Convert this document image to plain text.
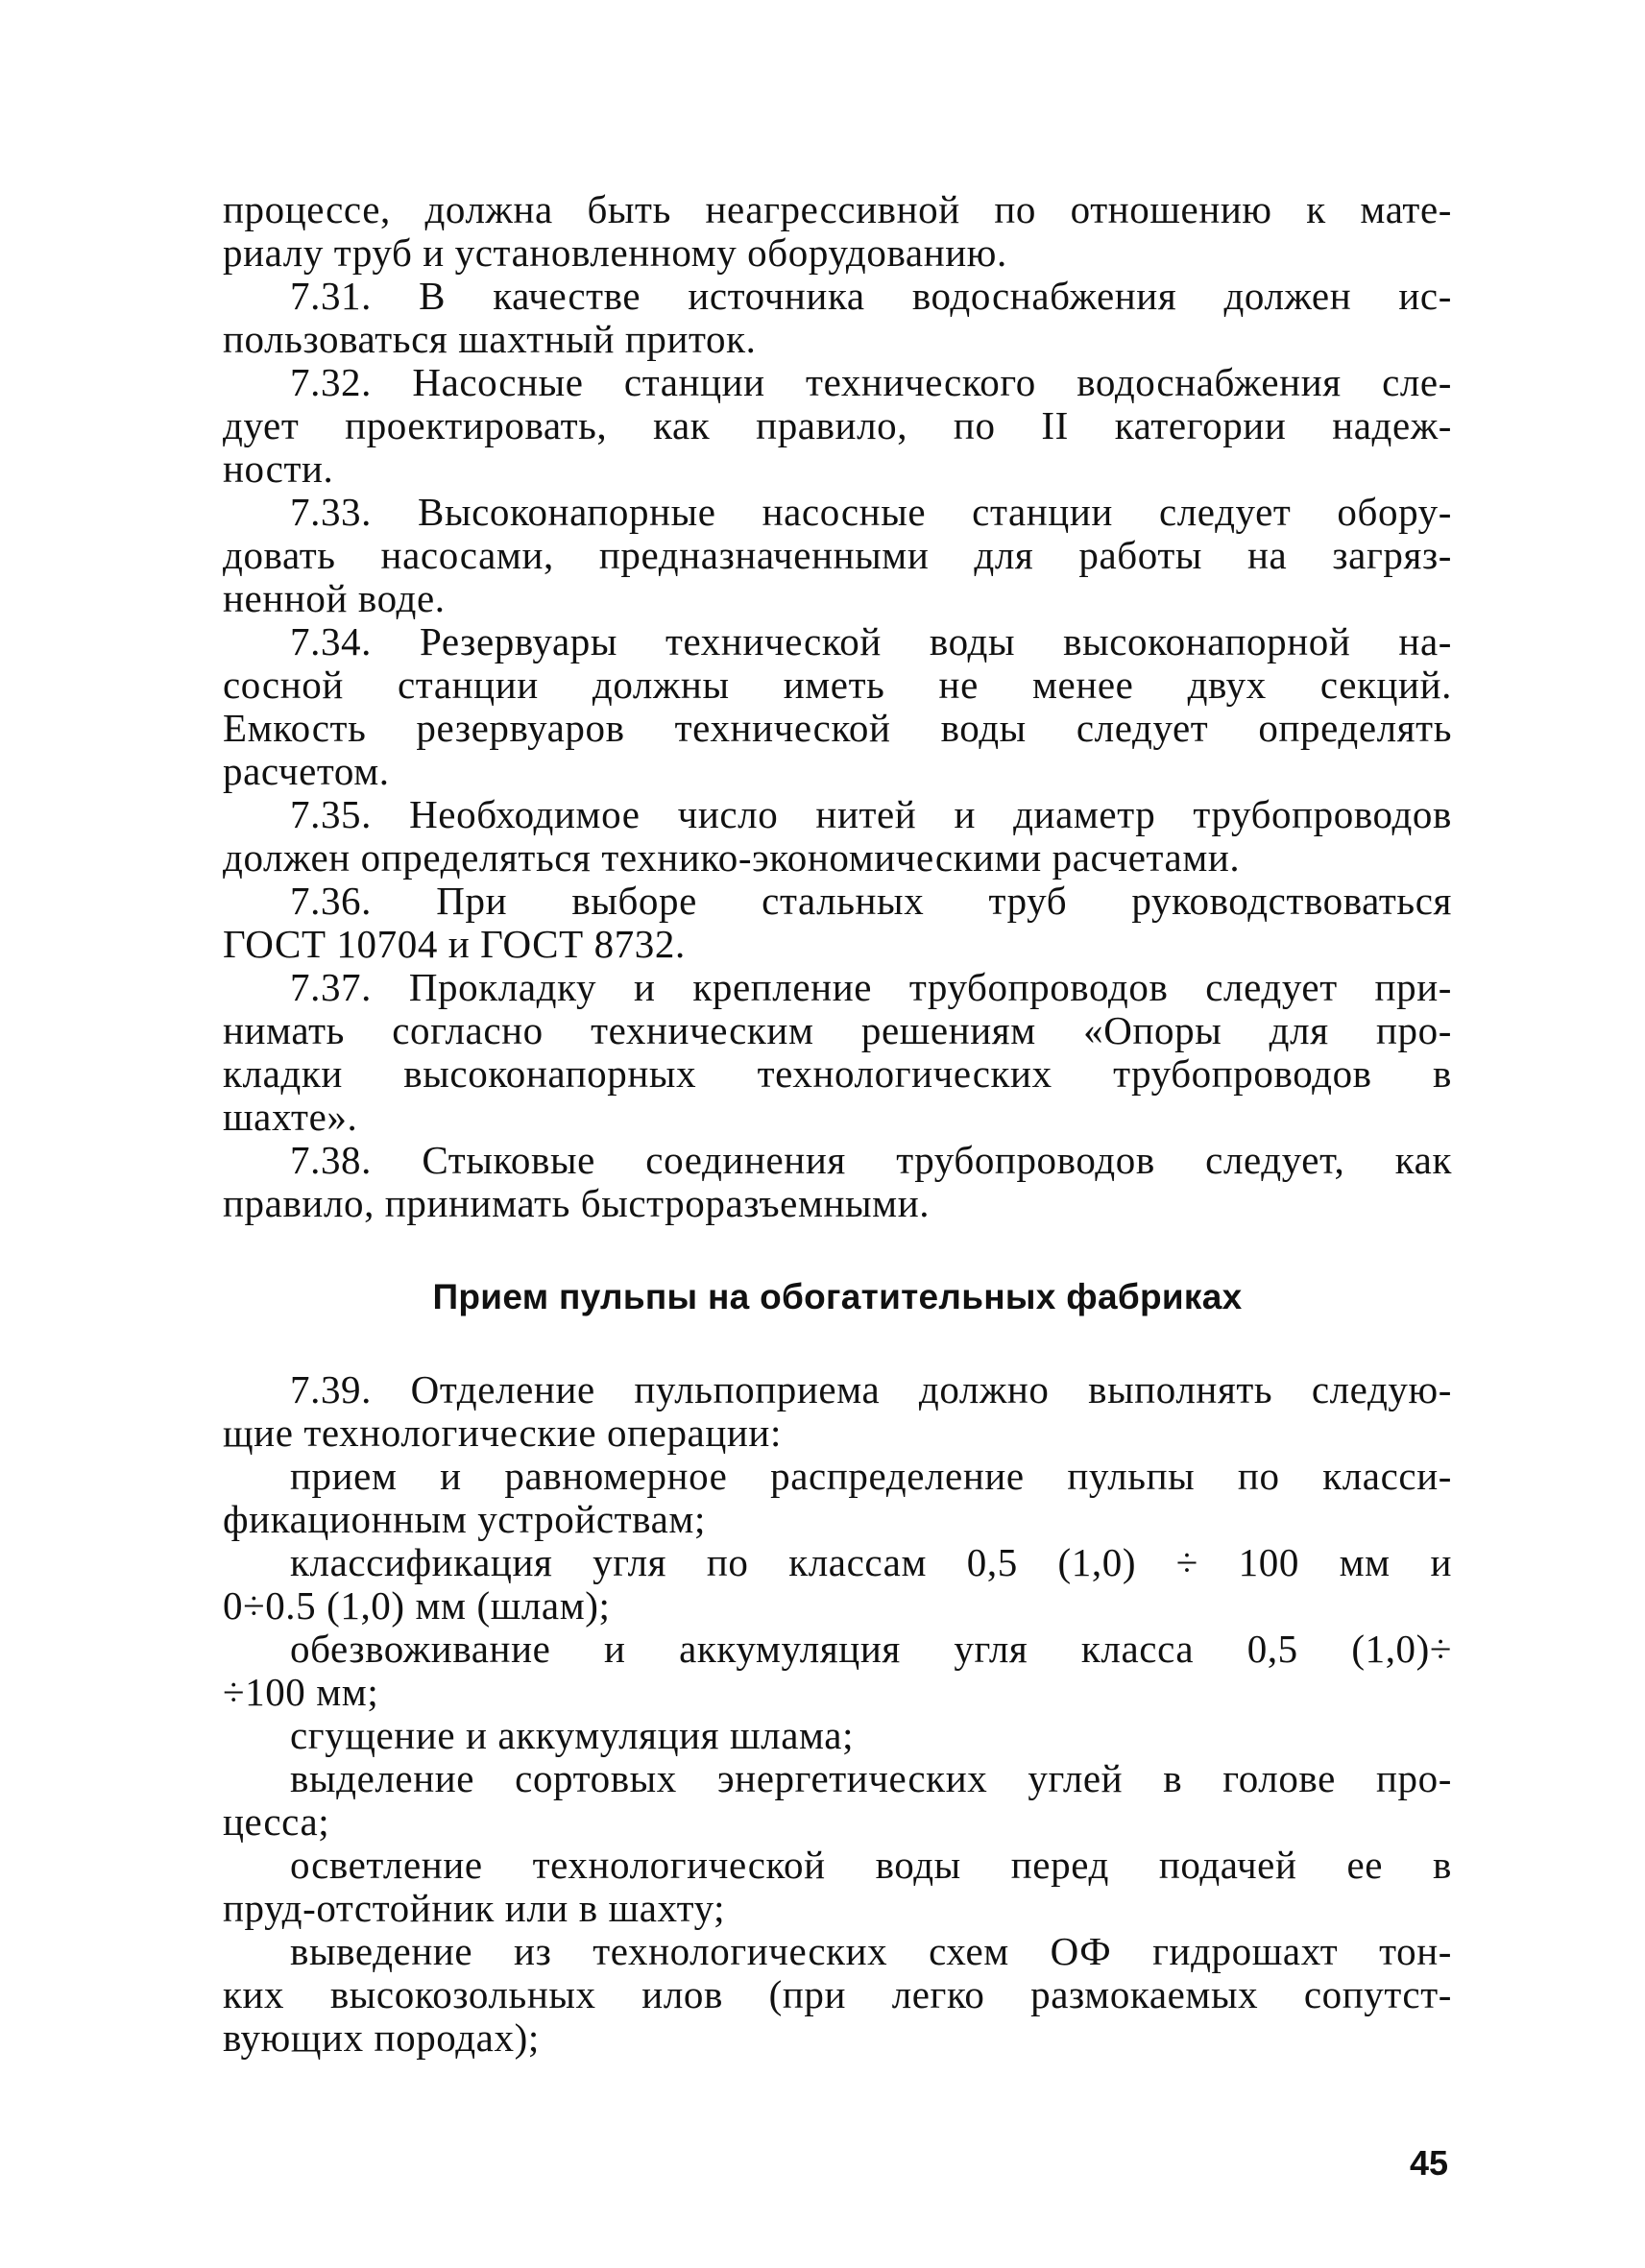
процессе, должна быть неагрессивной по отношению к мате-
риалу труб и установленному оборудованию.

7.31. В качестве источника водоснабжения должен ис-
пользоваться шахтный приток.

7.32. Насосные станции технического водоснабжения сле-
дует проектировать, как правило, по II категории надеж-
ности.

7.33. Высоконапорные насосные станции следует обору-
довать насосами, предназначенными для работы на загряз-
ненной воде.

7.34. Резервуары технической воды высоконапорной на-
сосной станции должны иметь не менее двух секций.
Емкость резервуаров технической воды следует определять
расчетом.

7.35. Необходимое число нитей и диаметр трубопроводов
должен определяться технико-экономическими расчетами.

7.36. При выборе стальных труб руководствоваться
ГОСТ 10704 и ГОСТ 8732.

7.37. Прокладку и крепление трубопроводов следует при-
нимать согласно техническим решениям «Опоры для про-
кладки высоконапорных технологических трубопроводов в
шахте».

7.38. Стыковые соединения трубопроводов следует, как
правило, принимать быстроразъемными.

Прием пульпы на обогатительных фабриках

7.39. Отделение пульпоприема должно выполнять следую-
щие технологические операции:

прием и равномерное распределение пульпы по класси-
фикационным устройствам;

классификация угля по классам 0,5 (1,0) ÷ 100 мм и
0÷0.5 (1,0) мм (шлам);

обезвоживание и аккумуляция угля класса 0,5 (1,0)÷
÷100 мм;

сгущение и аккумуляция шлама;

выделение сортовых энергетических углей в голове про-
цесса;

осветление технологической воды перед подачей ее в
пруд-отстойник или в шахту;

выведение из технологических схем ОФ гидрошахт тон-
ких высокозольных илов (при легко размокаемых сопутст-
вующих породах);

45
